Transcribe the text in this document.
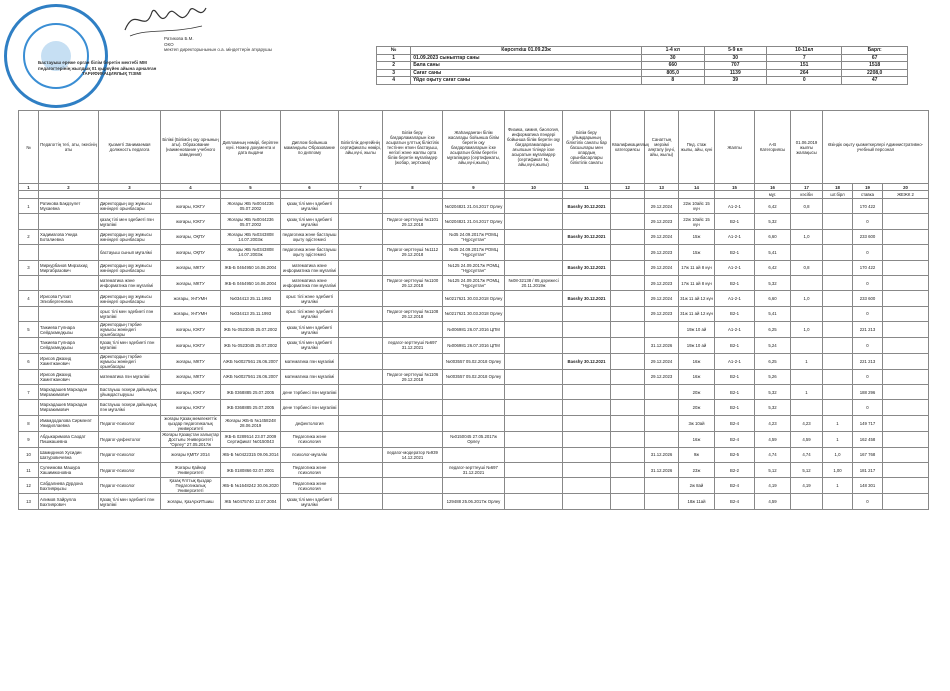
Ратикова Б.М.
ОКО
мектеп директорынынын о.а. міндеттерін атқарушы
Бастауыш ереже орган білім беретін мектебі ММ
педагогтерінің жылдық 01 қыркүйек айына арналған
ТАРИФИКАЦИЯЛЫҚ ТІЗІМІ
№	Көрсеткіш 01.09.23ж	1-4 кл	5-9 кл	10-11кл	Барл:
1	01.09.2023 сыныптар саны	30	30	7	67
2	Бала саны	660	707	151	1518
3	Сағат саны	805,0	1139	264	2208,0
4	Үйде оқыту сағат саны	8	39	0	47
№	Педагогтің тегі, аты, әкесінің аты	Қызметі Занимаемая должность педагога	Білімі (Білімсің оқу орнының аты). Образование (наименование учебного заведения)	Дипломның нөмірі, берілген күні. Номер документа и дата выдачи	Диплом бойынша мамандығы Образование по диплому	Біліктілік деңгейінің сертификаты нөмірі, айы,күні, жылы	Білім беру бағдарламаларын іске асыратын ұлттық біліктілік тестінен өткен бастауыш, негізгі және жалпы орта білім беретін мұғалімдер (жобар, зертхана)	Жаһанданған білім жасалады бойынша білім беретін оқу бағдарламаларын іске асыратын білім беретін мұғалімдер (сертификаты, айы,күні,жылы)	Физика, химия, биология, информатика пәндері бойынша білім беретін оқу бағдарламаларын ағылшын тілінде іске асыратын мұғалімдер (сертификат №, айы,күні,жылы)	Білім беру ұйымдарының біліктілік санаты бар басшылары мен олардың орынбасарлары біліктілік санаты	Квалификациялық категориясы	Санаттың мерзімі аяқталу (күні, айы, жылы)	Пед. стаж жылы, айы, күні	Жалпы	А-В Категориясы	01.06.2019 жылғы жалақысы	Өзіндік оқыту қызметкерлері Административно-учебный персонал		
1	2	3	4	5	6	7	8	9	10	11	12	13	14	15	16	17	18	19	20
															мұг.	кәсіби	шт.бірл	ставка	ЖЕЖК 2
1	Ратикова Бакдәулет Мұхаевна	Директордың оқу жұмысы жөніндегі орынбасары	жоғары, ЮКГУ	Жоғары ЖБ №0044236 05.07.2002	қазақ тілі мен әдебиеті мұғалімі			№0204821 21.04.2017 Орлеу		Basshy 30.12.2021		29.12.2024	22ж 10айс 15 күн	А1-2-1	6,42	0,8		170 422	
		қазақ тілі мен әдебиеті пән мұғалімі	жоғары, ЮКГУ	Жоғары ЖБ №0044236 05.07.2002	қазақ тілі мен әдебиеті мұғалімі		Педагог-зерттеуші №1101 29.12.2018	№0204821 21.04.2017 Орлеу				29.12.2023	22ж 10айс 15 күн	В2-1	5,32			0	
2	Хадимагова Унида Боталиевна	Директордың оқу жұмысы жөніндегі орынбасары	жоғары, ОҚПУ	Жоғары ЖБ №0343808 14.07.2003ж	педагогика және бастауыш оқыту әдістемесі			№35 24.09.2017ж РОМЦ "Нұрсұлтан"		Basshy 30.12.2021		29.12.2024	15ж	А1-2-1	6,60	1,0		233 600	
		бастауыш сынып мұғалімі	жоғары, ОҚПУ	Жоғары ЖБ №0343808 14.07.2003ж	педагогика және бастауыш оқыту әдістемесі		Педагог-зерттеуші №1112 29.12.2018	№35 24.09.2017ж РОМЦ "Нұрсұлтан"				29.12.2023	15ж	В2-1	5,41			0	
3	Миркурбанов Мирзахид Миргабразович	Директордың оқу жұмысы жөніндегі орынбасары	жоғары, МКТУ	ЖБ-Б 0464950 16.06.2004	математика және информатика пән мұғалімі			№125 24.09.2017ж РОМЦ "Нұрсұлтан"		Basshy 30.12.2021		29.12.2024	17ж 11 ай 8 күн	А1-2-1	6,42	0,8		170 422	
		математика және информатика пән мұғалімі	жоғары, МКТУ	ЖБ-Б 0464950 16.06.2004	математика және информатика пән мұғалімі		Педагог-зерттеуші №1100 29.12.2018	№125 24.09.2017ж РОМЦ "Нұрсұлтан"	№08-32138 / 85 дәрежесі 20.11.2019ж			29.12.2023	17ж 11 ай 8 күн	В2-1	5,32			0	
4	Ирисова Гулзат Эпизбергеновна	Директордың оқу жұмысы жөніндегі орынбасары	жоғары, УнГУМН	№034413 25.11.1993	орыс тілі және әдебиеті мұғалімі			№0217621 30.03.2018 Орлеу		Basshy 30.12.2021		29.12.2024	31ж 11 ай 12 күн	А1-2-1	6,60	1,0		233 600	
		орыс тілі мен әдебиеті пән мұғалімі	жоғары, УнГУМН	№034413 25.11.1993	орыс тілі және әдебиеті мұғалімі		Педагог-зерттеуші №1108 29.12.2018	№0217621 30.03.2018 Орлеу				29.12.2023	31ж 11 ай 12 күн	В2-1	5,41			0	
5	Тажиева Гүлнара Сейдахмедқызы	Директордың тәрбие жұмысы жөніндегі орынбасары	жоғары, ЮКГУ	ЖБ № 0523045 25.07.2002	қазақ тілі мен әдебиеті мұғалімі			№006981 26.07.2016 ЦПМ					19ж 10 ай	А1-2-1	6,25	1,0		221 213	
	Тажиева Гүлнара Сейдахмедқызы	Қазақ тілі мен әдебиеті пән мұғалімі	жоғары, ЮКГУ	ЖБ № 0523045 25.07.2002	қазақ тілі мен әдебиеті мұғалімі		педагог-зерттеуші №697 31.12.2021	№006981 26.07.2016 ЦПМ				31.12.2026	19ж 10 ай	В2-1	5,24			0	
6	Ирисов Джахид Хамитжанович	Директордың тәрбие жұмысы жөніндегі орынбасары	жоғары, МКТУ	АЖБ №0027561 26.06.2007	математика пән мұғалімі			№003557 05.02.2018 Орлеу		Basshy 30.12.2021		29.12.2024	16ж	А1-2-1	6,25	1		221 213	
	Ирисов Джахид Хамитжанович	математика пән мұғалімі	жоғары, МКТУ	АЖБ №0027561 26.06.2007	математика пән мұғалімі		Педагог-зерттеуші №1106 29.12.2018	№003557 05.02.2018 Орлеу				29.12.2023	16ж	В2-1	5,26			0	
7	Мархадашев Мархадан Мирзакимович	Бастауыш әскери дайындық ұйымдастырушы	жоғары, ЮКГУ	ЖБ 0368885 25.07.2005	дене тәрбиесі пән мұғалімі								20ж	В2-1	5,32	1		188 296	
	Мархадашев Мархадан Мирзакимович	Бастауыш әскери дайындық пән мұғалімі	жоғары, ЮКГУ	ЖБ 0368885 25.07.2005	дене тәрбиесі пән мұғалімі								20ж	В2-1	5,32			0	
8	Имамдодалова Сирмәнәт Умидиллаевна	Педагог-психолог	жоғары Қазақ мемлекеттік қыздар педагогикалық университеті	Жоғары ЖБ-Б №1458248 28.06.2019	дефектология								3ж 10ай	В2-4	4,23	4,23	1	149 717	
9	Абдыкаримова Саодат Пишжашевна	Педагог-дефектолог	Жоғары Қазақстан халықтар Достығы Университеті "Орлеу" 27.05.2017ж	ЖБ-Б 0289514 23.07.2009 Сертификат №0150043	Педагогика және психология			№0150045 27.05.2017ж Орлеу					16ж	В2-4	4,59	4,59	1	162 458	
10	Шамидинов Хусидин Шатуровичевна	Педагог-психолог	жоғары ҚМПУ 2014	ЖБ-Б №0422315 09.06.2014	психолог-мұғалім		педагог-модератор №939 14.12.2021					31.12.2026	9ж	В2-5	4,74	4,74	1,0	167 768	
11	Сулеимова Машура Хашимжоновна	Педагог-психолог	Жоғары Қайнар Университеті	ЖБ 0180866 02.07.2001	Педагогика және психология			педагог-зерттеуші №697 31.12.2021				31.12.2026	23ж	В2-2	5,12	5,12	1,00	181 217	
12	Сабдалиева Дурдона Бахтиярқызы	Педагог-психолог	Қазақ Ұлттық Қыздар Педагогикалық Университеті	ЖБ-Б №1648242 30.06.2020	Педагогика және психология								2ж 8ай	В2-4	4,19	4,19	1	148 301	
13	Алимов Хайрулла Бахтиярович	Қазақ тілі мен әдебиеті пән мұғалімі	жоғары, ҚазАрхИТшиш	ЖБ №0475740 12.07.2004	қазақ тілі мен әдебиеті мұғалімі			129488 25.06.2017ж Орлеу					18ж 11ай	В2-4	4,59			0	
